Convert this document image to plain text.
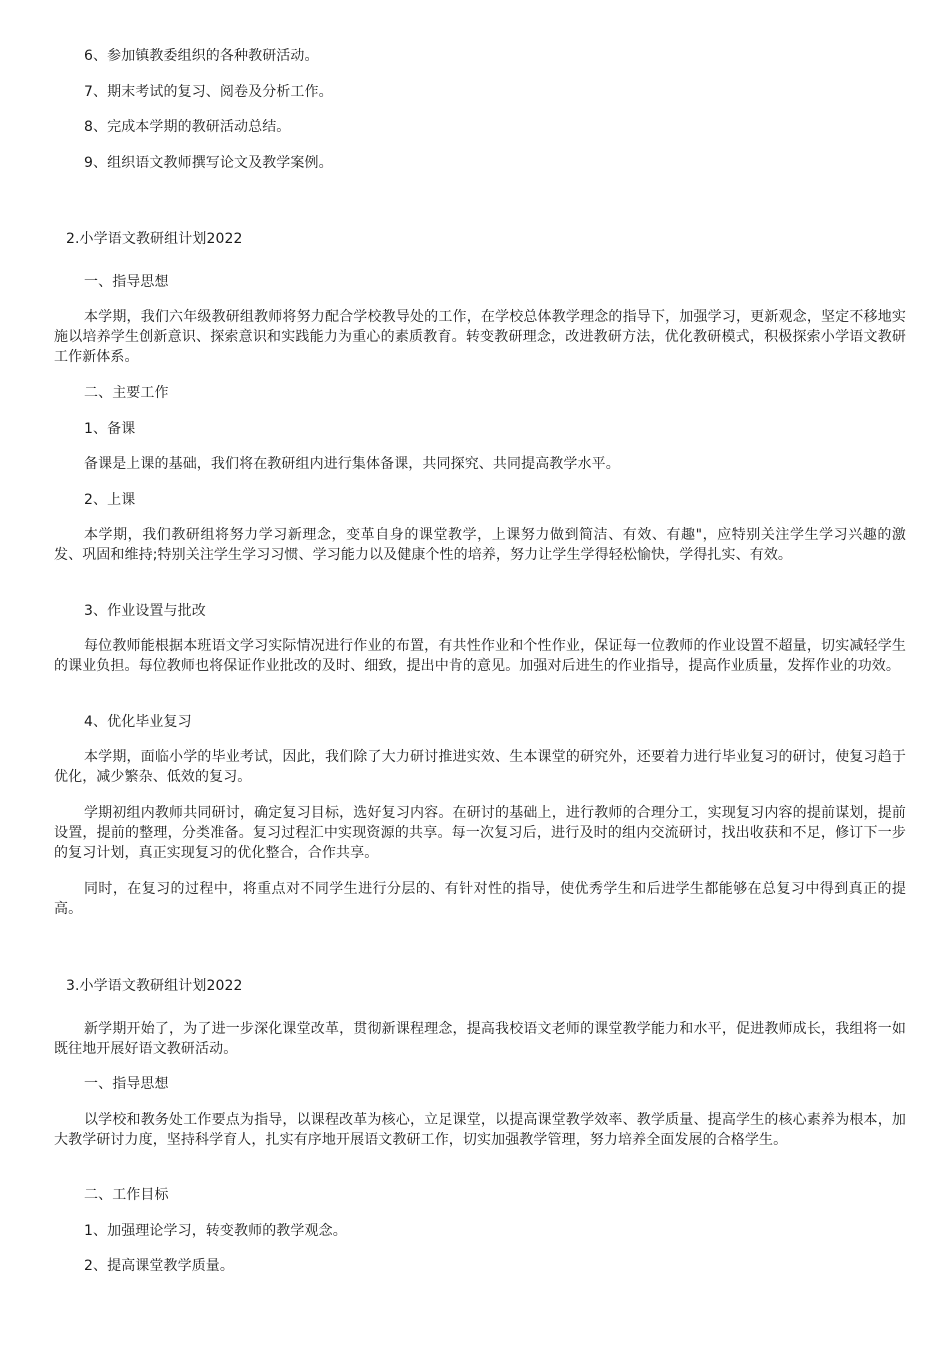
6、参加镇教委组织的各种教研活动。

7、期末考试的复习、阅卷及分析工作。

8、完成本学期的教研活动总结。

9、组织语文教师撰写论文及教学案例。

2.小学语文教研组计划2022

一、指导思想

本学期，我们六年级教研组教师将努力配合学校教导处的工作，在学校总体教学理念的指导下，加强学习，更新观念，坚定不移地实施以培养学生创新意识、探索意识和实践能力为重心的素质教育。转变教研理念，改进教研方法，优化教研模式，积极探索小学语文教研工作新体系。

二、主要工作

1、备课

备课是上课的基础，我们将在教研组内进行集体备课，共同探究、共同提高教学水平。

2、上课

本学期，我们教研组将努力学习新理念，变革自身的课堂教学，上课努力做到简洁、有效、有趣"，应特别关注学生学习兴趣的激发、巩固和维持;特别关注学生学习习惯、学习能力以及健康个性的培养，努力让学生学得轻松愉快，学得扎实、有效。

3、作业设置与批改

每位教师能根据本班语文学习实际情况进行作业的布置，有共性作业和个性作业，保证每一位教师的作业设置不超量，切实减轻学生的课业负担。每位教师也将保证作业批改的及时、细致，提出中肯的意见。加强对后进生的作业指导，提高作业质量，发挥作业的功效。

4、优化毕业复习

本学期，面临小学的毕业考试，因此，我们除了大力研讨推进实效、生本课堂的研究外，还要着力进行毕业复习的研讨，使复习趋于优化，减少繁杂、低效的复习。

学期初组内教师共同研讨，确定复习目标，选好复习内容。在研讨的基础上，进行教师的合理分工，实现复习内容的提前谋划，提前设置，提前的整理，分类准备。复习过程汇中实现资源的共享。每一次复习后，进行及时的组内交流研讨，找出收获和不足，修订下一步的复习计划，真正实现复习的优化整合，合作共享。

同时，在复习的过程中，将重点对不同学生进行分层的、有针对性的指导，使优秀学生和后进学生都能够在总复习中得到真正的提高。

3.小学语文教研组计划2022

新学期开始了，为了进一步深化课堂改革，贯彻新课程理念，提高我校语文老师的课堂教学能力和水平，促进教师成长，我组将一如既往地开展好语文教研活动。

一、指导思想

以学校和教务处工作要点为指导，以课程改革为核心，立足课堂，以提高课堂教学效率、教学质量、提高学生的核心素养为根本，加大教学研讨力度，坚持科学育人，扎实有序地开展语文教研工作，切实加强教学管理，努力培养全面发展的合格学生。

二、工作目标

1、加强理论学习，转变教师的教学观念。

2、提高课堂教学质量。
